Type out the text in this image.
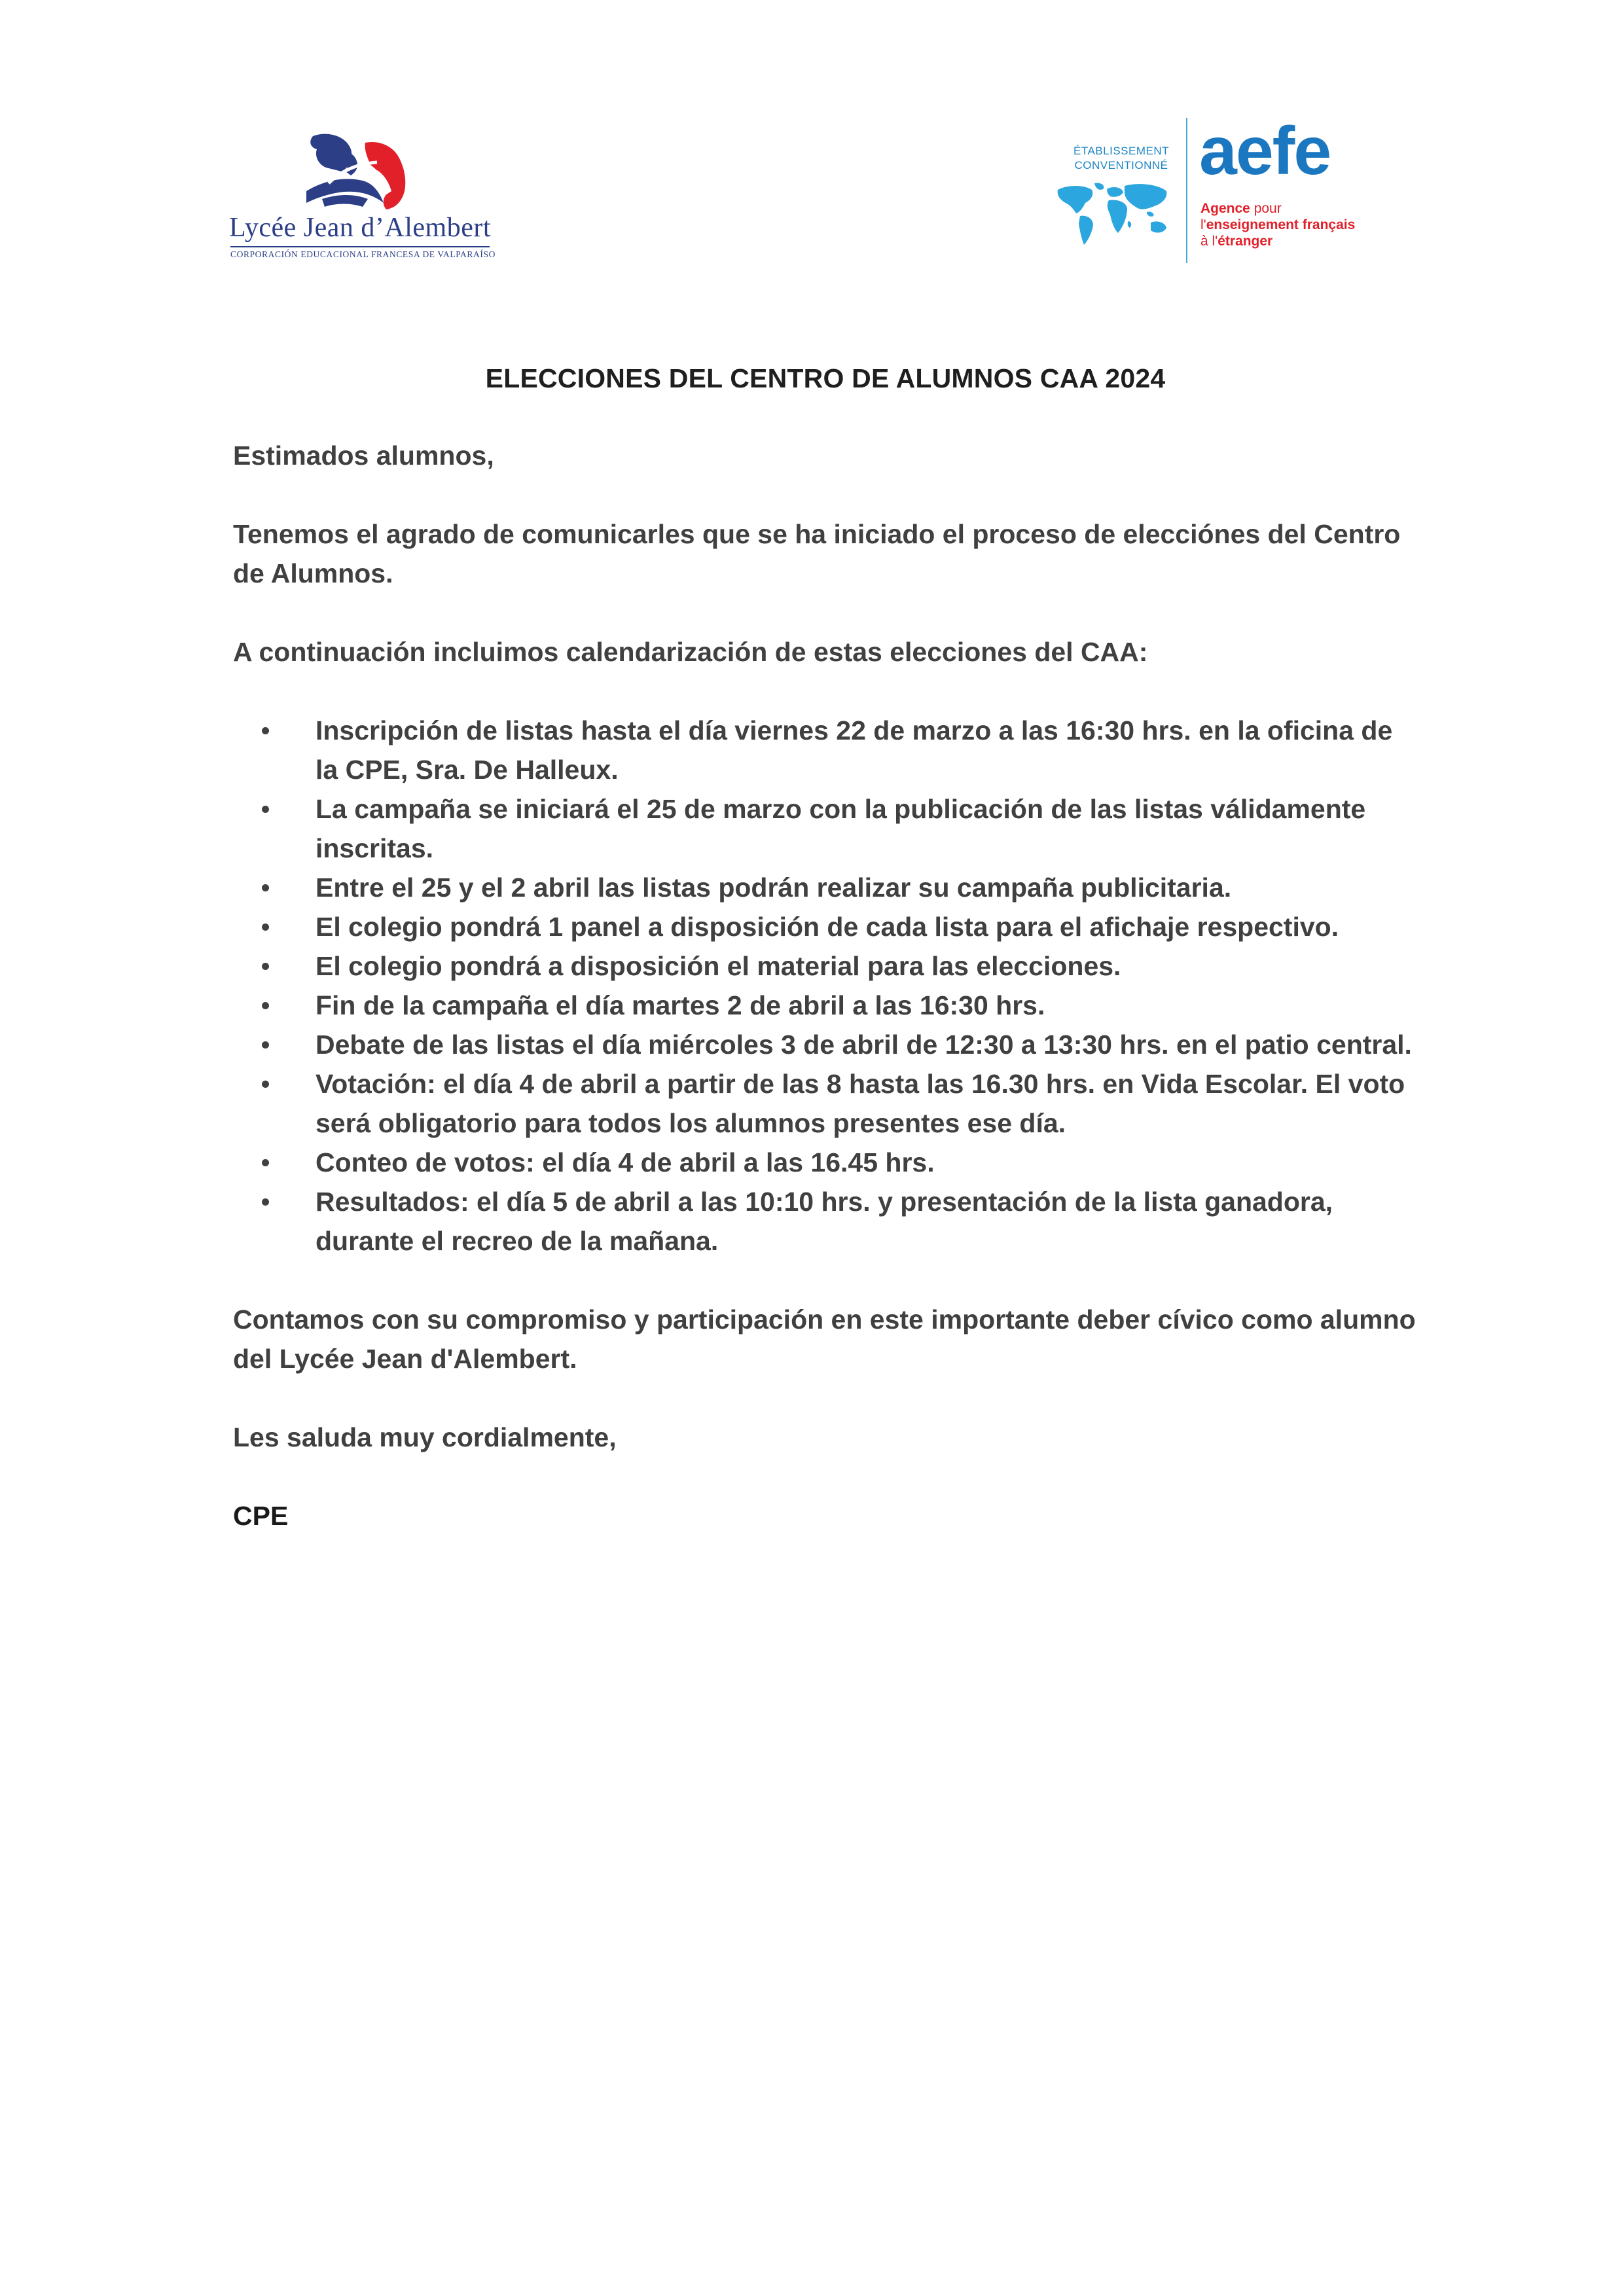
Lycée Jean d’Alembert
CORPORACIÓN EDUCACIONAL FRANCESA DE VALPARAÍSO
ÉTABLISSEMENT
CONVENTIONNÉ aefe
Agence pour
l'enseignement français
à l'étranger
ELECCIONES DEL CENTRO DE ALUMNOS CAA 2024

Estimados alumnos,

Tenemos el agrado de comunicarles que se ha iniciado el proceso de elecciónes del Centro de Alumnos.

A continuación incluimos calendarización de estas elecciones del CAA:

Inscripción de listas hasta el día viernes 22 de marzo a las 16:30 hrs. en la oficina de la CPE, Sra. De Halleux.
La campaña se iniciará el 25 de marzo con la publicación de las listas válidamente inscritas.
Entre el 25 y el 2 abril las listas podrán realizar su campaña publicitaria.
El colegio pondrá 1 panel a disposición de cada lista para el afichaje respectivo.
El colegio pondrá a disposición el material para las elecciones.
Fin de la campaña el día martes 2 de abril a las 16:30 hrs.
Debate de las listas el día miércoles 3 de abril de 12:30 a 13:30 hrs. en el patio central.
Votación: el día 4 de abril a partir de las 8 hasta las 16.30 hrs. en Vida Escolar. El voto será obligatorio para todos los alumnos presentes ese día.
Conteo de votos: el día 4 de abril a las 16.45 hrs.
Resultados: el día 5 de abril a las 10:10 hrs. y presentación de la lista ganadora, durante el recreo de la mañana.

Contamos con su compromiso y participación en este importante deber cívico como alumno del Lycée Jean d'Alembert.

Les saluda muy cordialmente,

CPE
